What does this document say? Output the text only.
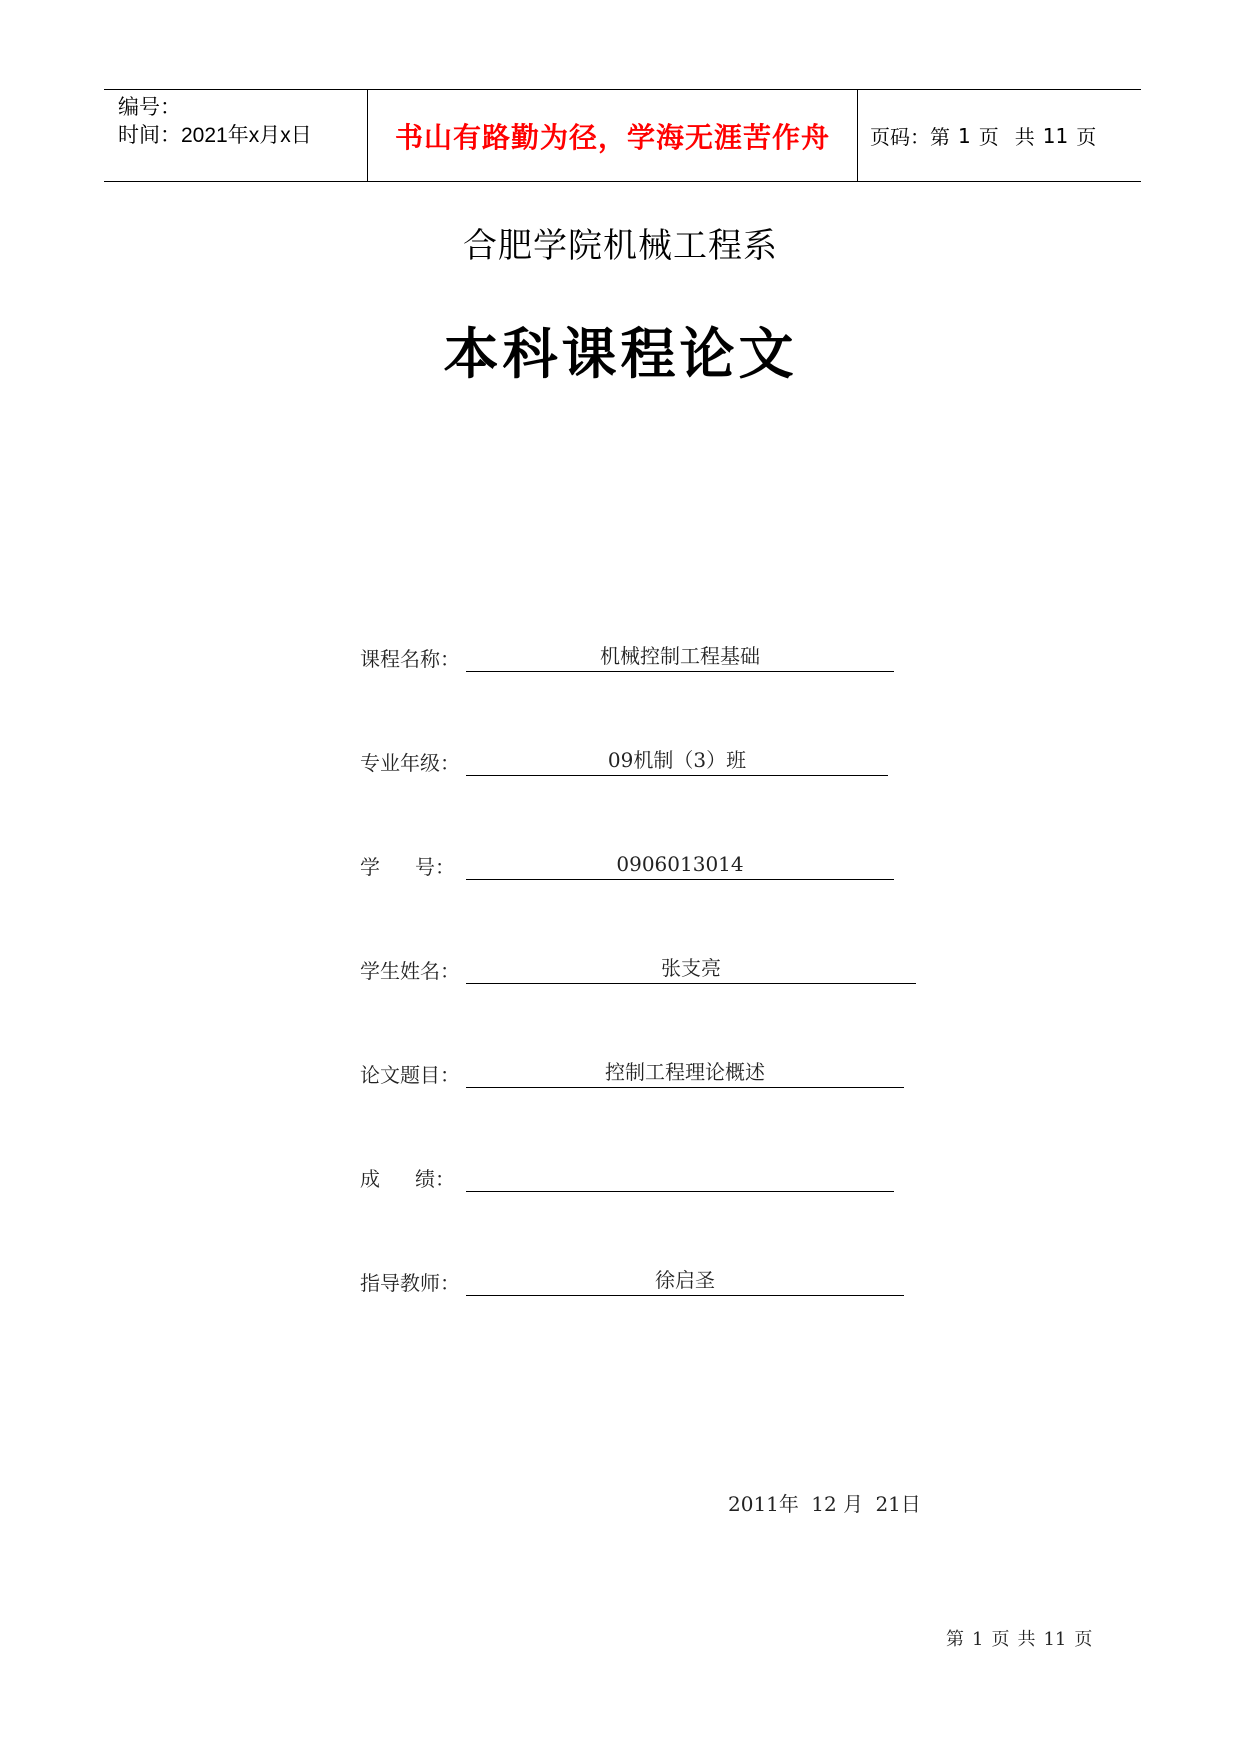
编号：
时间：2021年x月x日	书山有路勤为径，学海无涯苦作舟 页码：第 1 页 共 11 页
合肥学院机械工程系
本科课程论文
课程名称：	机械控制工程基础
专业年级：	09机制（3）班
学 号：	0906013014
学生姓名：	张支亮
论文题目：	控制工程理论概述
成 绩：
指导教师：	徐启圣
2011年 12 月 21日
第 1 页 共 11 页
